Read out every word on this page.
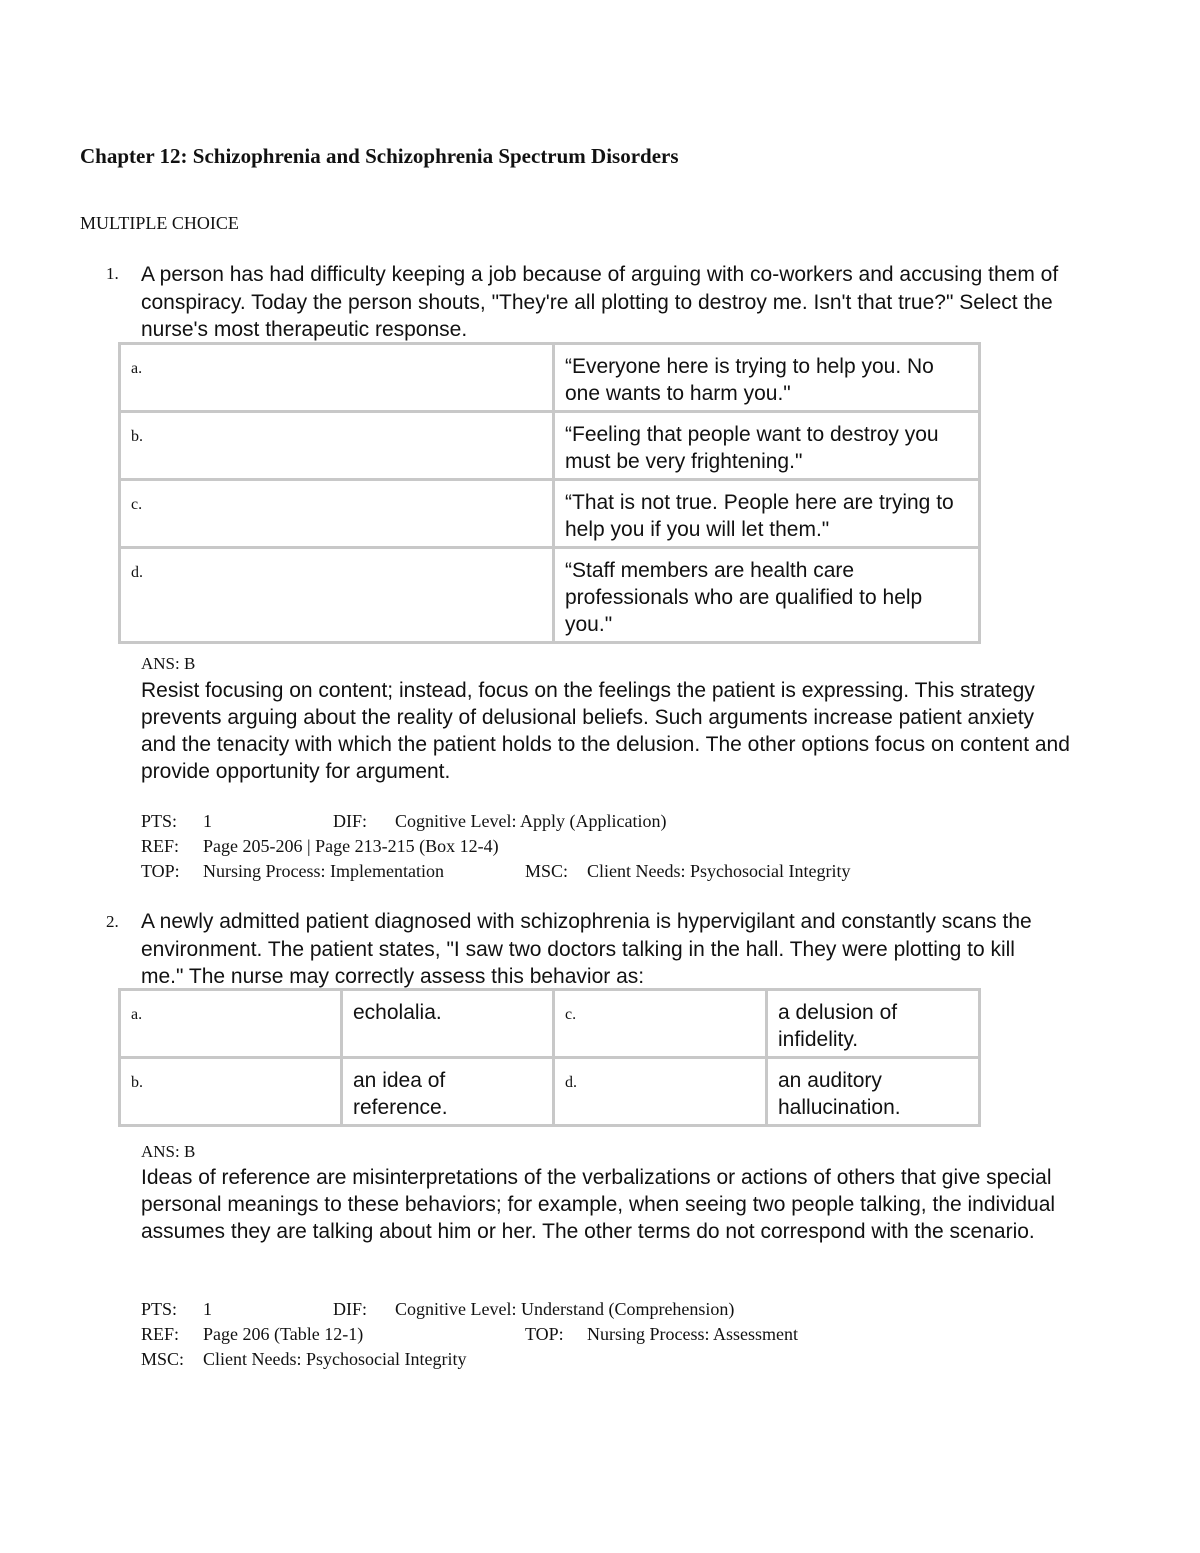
Chapter 12: Schizophrenia and Schizophrenia Spectrum Disorders
MULTIPLE CHOICE
1. A person has had difficulty keeping a job because of arguing with co-workers and accusing them of conspiracy. Today the person shouts, "They're all plotting to destroy me. Isn't that true?" Select the nurse's most therapeutic response.
a.	“Everyone here is trying to help you. No one wants to harm you."
b.	“Feeling that people want to destroy you must be very frightening."
c.	“That is not true. People here are trying to help you if you will let them."
d.	“Staff members are health care professionals who are qualified to help you."
ANS: B
Resist focusing on content; instead, focus on the feelings the patient is expressing. This strategy prevents arguing about the reality of delusional beliefs. Such arguments increase patient anxiety and the tenacity with which the patient holds to the delusion. The other options focus on content and provide opportunity for argument.
PTS: 1	DIF: Cognitive Level: Apply (Application)
REF: Page 205-206 | Page 213-215 (Box 12-4)
TOP: Nursing Process: Implementation	MSC: Client Needs: Psychosocial Integrity
2. A newly admitted patient diagnosed with schizophrenia is hypervigilant and constantly scans the environment. The patient states, "I saw two doctors talking in the hall. They were plotting to kill me." The nurse may correctly assess this behavior as:
a.	echolalia.	c.	a delusion of infidelity.
b.	an idea of reference.	d.	an auditory hallucination.
ANS: B
Ideas of reference are misinterpretations of the verbalizations or actions of others that give special personal meanings to these behaviors; for example, when seeing two people talking, the individual assumes they are talking about him or her. The other terms do not correspond with the scenario.
PTS: 1	DIF: Cognitive Level: Understand (Comprehension)
REF: Page 206 (Table 12-1)	TOP: Nursing Process: Assessment
MSC: Client Needs: Psychosocial Integrity
